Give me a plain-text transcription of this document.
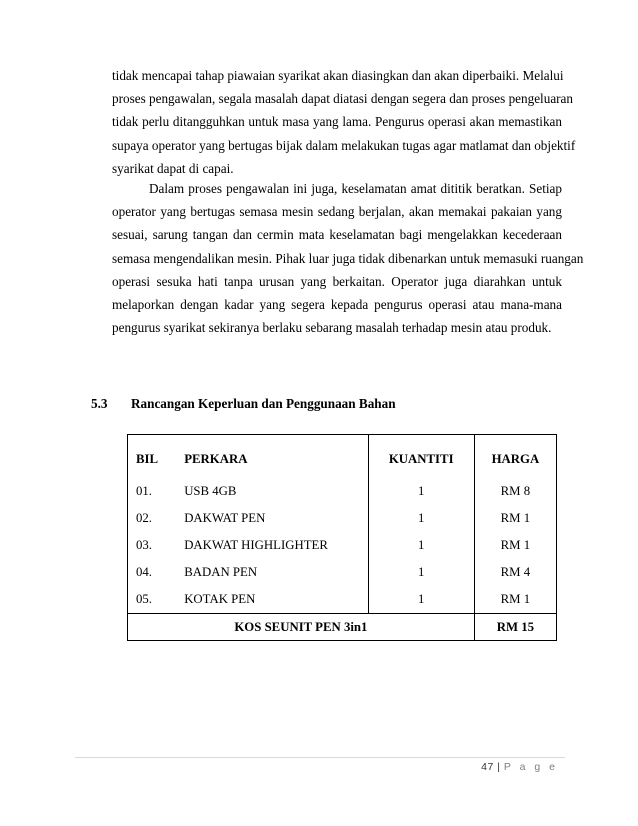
tidak mencapai tahap piawaian syarikat akan diasingkan dan akan diperbaiki. Melalui
proses pengawalan, segala masalah dapat diatasi dengan segera dan proses pengeluaran
tidak perlu ditangguhkan untuk masa yang lama. Pengurus operasi akan memastikan
supaya operator yang bertugas bijak dalam melakukan tugas agar matlamat dan objektif
syarikat dapat di capai.
Dalam proses pengawalan ini juga, keselamatan amat dititik beratkan. Setiap
operator yang bertugas semasa mesin sedang berjalan, akan memakai pakaian yang
sesuai, sarung tangan dan cermin mata keselamatan bagi mengelakkan kecederaan
semasa mengendalikan mesin. Pihak luar juga tidak dibenarkan untuk memasuki ruangan
operasi sesuka hati tanpa urusan yang berkaitan. Operator juga diarahkan untuk
melaporkan dengan kadar yang segera kepada pengurus operasi atau mana-mana
pengurus syarikat sekiranya berlaku sebarang masalah terhadap mesin atau produk.
5.3 Rancangan Keperluan dan Penggunaan Bahan
BIL	PERKARA	KUANTITI	HARGA
01.	USB 4GB	1	RM 8
02.	DAKWAT PEN	1	RM 1
03.	DAKWAT HIGHLIGHTER	1	RM 1
04.	BADAN PEN	1	RM 4
05.	KOTAK PEN	1	RM 1
KOS SEUNIT PEN 3in1			RM 15
47 | P a g e
